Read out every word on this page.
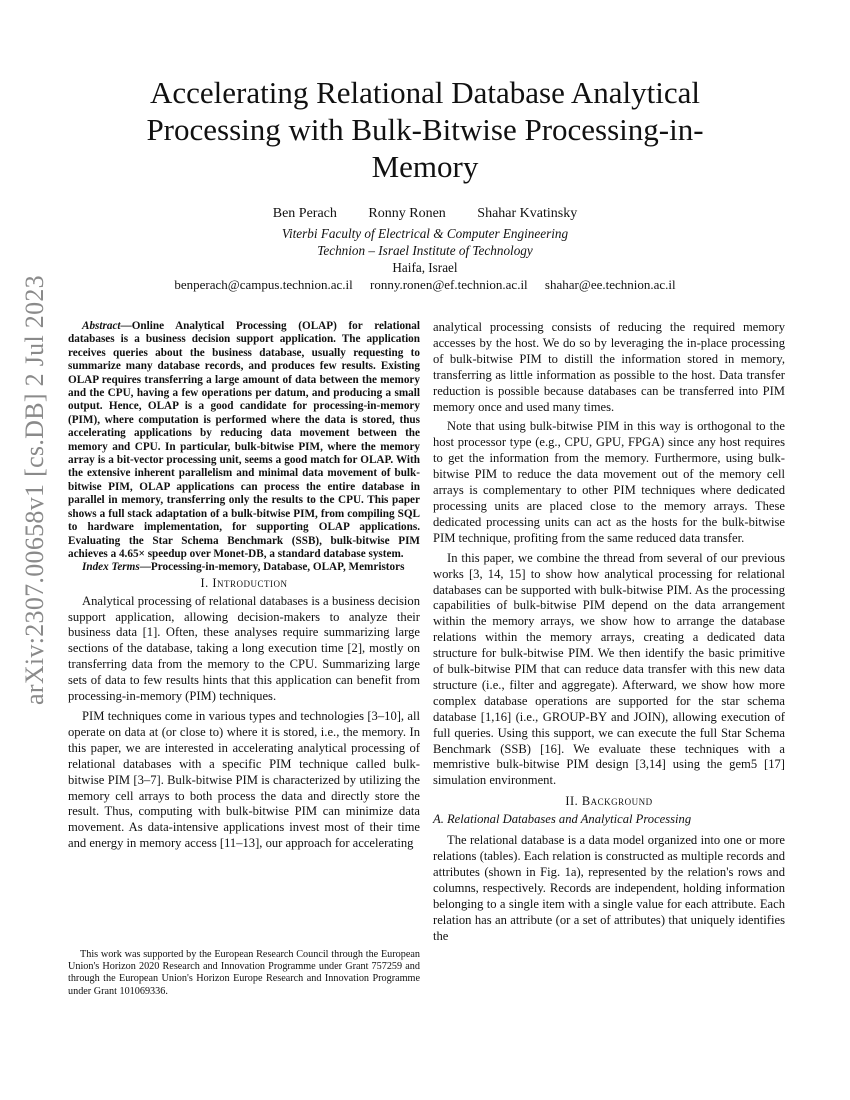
arXiv:2307.00658v1 [cs.DB] 2 Jul 2023
Accelerating Relational Database Analytical Processing with Bulk-Bitwise Processing-in-Memory
Ben Perach Ronny Ronen Shahar Kvatinsky
Viterbi Faculty of Electrical & Computer Engineering
Technion – Israel Institute of Technology
Haifa, Israel
benperach@campus.technion.ac.il ronny.ronen@ef.technion.ac.il shahar@ee.technion.ac.il

Abstract—Online Analytical Processing (OLAP) for relational databases is a business decision support application. The application receives queries about the business database, usually requesting to summarize many database records, and produces few results. Existing OLAP requires transferring a large amount of data between the memory and the CPU, having a few operations per datum, and producing a small output. Hence, OLAP is a good candidate for processing-in-memory (PIM), where computation is performed where the data is stored, thus accelerating applications by reducing data movement between the memory and CPU. In particular, bulk-bitwise PIM, where the memory array is a bit-vector processing unit, seems a good match for OLAP. With the extensive inherent parallelism and minimal data movement of bulk-bitwise PIM, OLAP applications can process the entire database in parallel in memory, transferring only the results to the CPU. This paper shows a full stack adaptation of a bulk-bitwise PIM, from compiling SQL to hardware implementation, for supporting OLAP applications. Evaluating the Star Schema Benchmark (SSB), bulk-bitwise PIM achieves a 4.65× speedup over Monet-DB, a standard database system.

Index Terms—Processing-in-memory, Database, OLAP, Memristors

I. Introduction

Analytical processing of relational databases is a business decision support application, allowing decision-makers to analyze their business data [1]. Often, these analyses require summarizing large sections of the database, taking a long execution time [2], mostly on transferring data from the memory to the CPU. Summarizing large sets of data to few results hints that this application can benefit from processing-in-memory (PIM) techniques.

PIM techniques come in various types and technologies [3–10], all operate on data at (or close to) where it is stored, i.e., the memory. In this paper, we are interested in accelerating analytical processing of relational databases with a specific PIM technique called bulk-bitwise PIM [3–7]. Bulk-bitwise PIM is characterized by utilizing the memory cell arrays to both process the data and directly store the result. Thus, computing with bulk-bitwise PIM can minimize data movement. As data-intensive applications invest most of their time and energy in memory access [11–13], our approach for accelerating

This work was supported by the European Research Council through the European Union's Horizon 2020 Research and Innovation Programme under Grant 757259 and through the European Union's Horizon Europe Research and Innovation Programme under Grant 101069336.

analytical processing consists of reducing the required memory accesses by the host. We do so by leveraging the in-place processing of bulk-bitwise PIM to distill the information stored in memory, transferring as little information as possible to the host. Data transfer reduction is possible because databases can be transferred into PIM memory once and used many times.

Note that using bulk-bitwise PIM in this way is orthogonal to the host processor type (e.g., CPU, GPU, FPGA) since any host requires to get the information from the memory. Furthermore, using bulk-bitwise PIM to reduce the data movement out of the memory cell arrays is complementary to other PIM techniques where dedicated processing units are placed close to the memory arrays. These dedicated processing units can act as the hosts for the bulk-bitwise PIM technique, profiting from the same reduced data transfer.

In this paper, we combine the thread from several of our previous works [3, 14, 15] to show how analytical processing for relational databases can be supported with bulk-bitwise PIM. As the processing capabilities of bulk-bitwise PIM depend on the data arrangement within the memory arrays, we show how to arrange the database relations within the memory arrays, creating a dedicated data structure for bulk-bitwise PIM. We then identify the basic primitive of bulk-bitwise PIM that can reduce data transfer with this new data structure (i.e., filter and aggregate). Afterward, we show how more complex database operations are supported for the star schema database [1,16] (i.e., GROUP-BY and JOIN), allowing execution of full queries. Using this support, we can execute the full Star Schema Benchmark (SSB) [16]. We evaluate these techniques with a memristive bulk-bitwise PIM design [3,14] using the gem5 [17] simulation environment.

II. Background
A. Relational Databases and Analytical Processing

The relational database is a data model organized into one or more relations (tables). Each relation is constructed as multiple records and attributes (shown in Fig. 1a), represented by the relation's rows and columns, respectively. Records are independent, holding information belonging to a single item with a single value for each attribute. Each relation has an attribute (or a set of attributes) that uniquely identifies the
